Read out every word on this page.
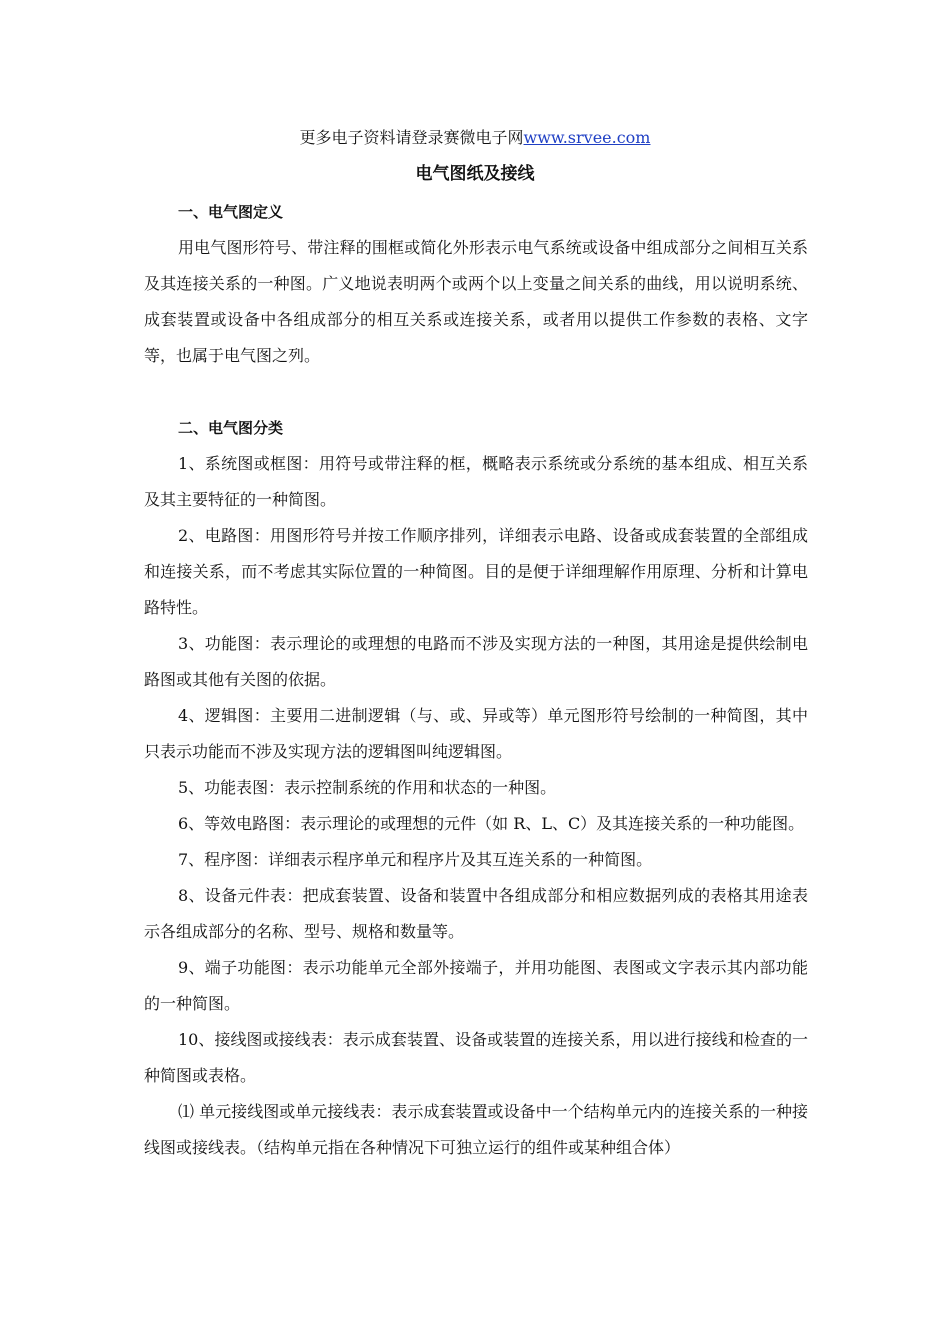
更多电子资料请登录赛微电子网www.srvee.com
电气图纸及接线

一、电气图定义

用电气图形符号、带注释的围框或简化外形表示电气系统或设备中组成部分之间相互关系及其连接关系的一种图。广义地说表明两个或两个以上变量之间关系的曲线，用以说明系统、成套装置或设备中各组成部分的相互关系或连接关系，或者用以提供工作参数的表格、文字等，也属于电气图之列。

二、电气图分类

1、系统图或框图：用符号或带注释的框，概略表示系统或分系统的基本组成、相互关系及其主要特征的一种简图。

2、电路图：用图形符号并按工作顺序排列，详细表示电路、设备或成套装置的全部组成和连接关系，而不考虑其实际位置的一种简图。目的是便于详细理解作用原理、分析和计算电路特性。

3、功能图：表示理论的或理想的电路而不涉及实现方法的一种图，其用途是提供绘制电路图或其他有关图的依据。

4、逻辑图：主要用二进制逻辑（与、或、异或等）单元图形符号绘制的一种简图，其中只表示功能而不涉及实现方法的逻辑图叫纯逻辑图。

5、功能表图：表示控制系统的作用和状态的一种图。

6、等效电路图：表示理论的或理想的元件（如 R、L、C）及其连接关系的一种功能图。

7、程序图：详细表示程序单元和程序片及其互连关系的一种简图。

8、设备元件表：把成套装置、设备和装置中各组成部分和相应数据列成的表格其用途表示各组成部分的名称、型号、规格和数量等。

9、端子功能图：表示功能单元全部外接端子，并用功能图、表图或文字表示其内部功能的一种简图。

10、接线图或接线表：表示成套装置、设备或装置的连接关系，用以进行接线和检查的一种简图或表格。

⑴ 单元接线图或单元接线表：表示成套装置或设备中一个结构单元内的连接关系的一种接线图或接线表。（结构单元指在各种情况下可独立运行的组件或某种组合体）
